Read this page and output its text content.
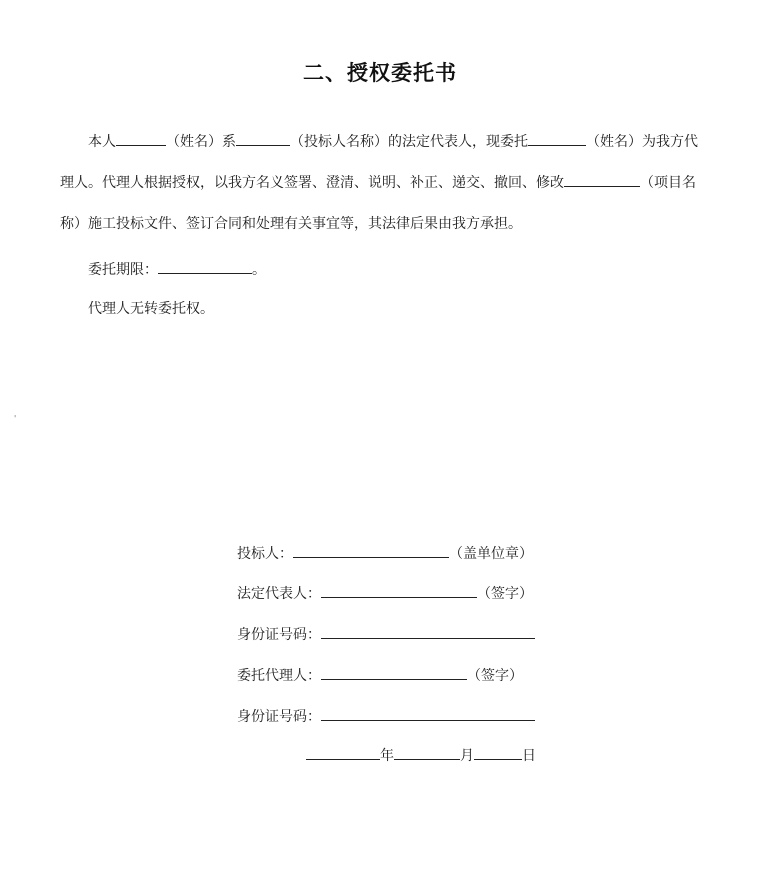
二、授权委托书
本人	（姓名）系	（投标人名称）的法定代表人，现委托	（姓名）为我方代
理人。代理人根据授权，以我方名义签署、澄清、说明、补正、递交、撤回、修改	（项目名
称）施工投标文件、签订合同和处理有关事宜等，其法律后果由我方承担。
委托期限：	。
代理人无转委托权。
'
投标人：	（盖单位章）
法定代表人：	（签字）
身份证号码：
委托代理人：	（签字）
身份证号码：
年	月	日
